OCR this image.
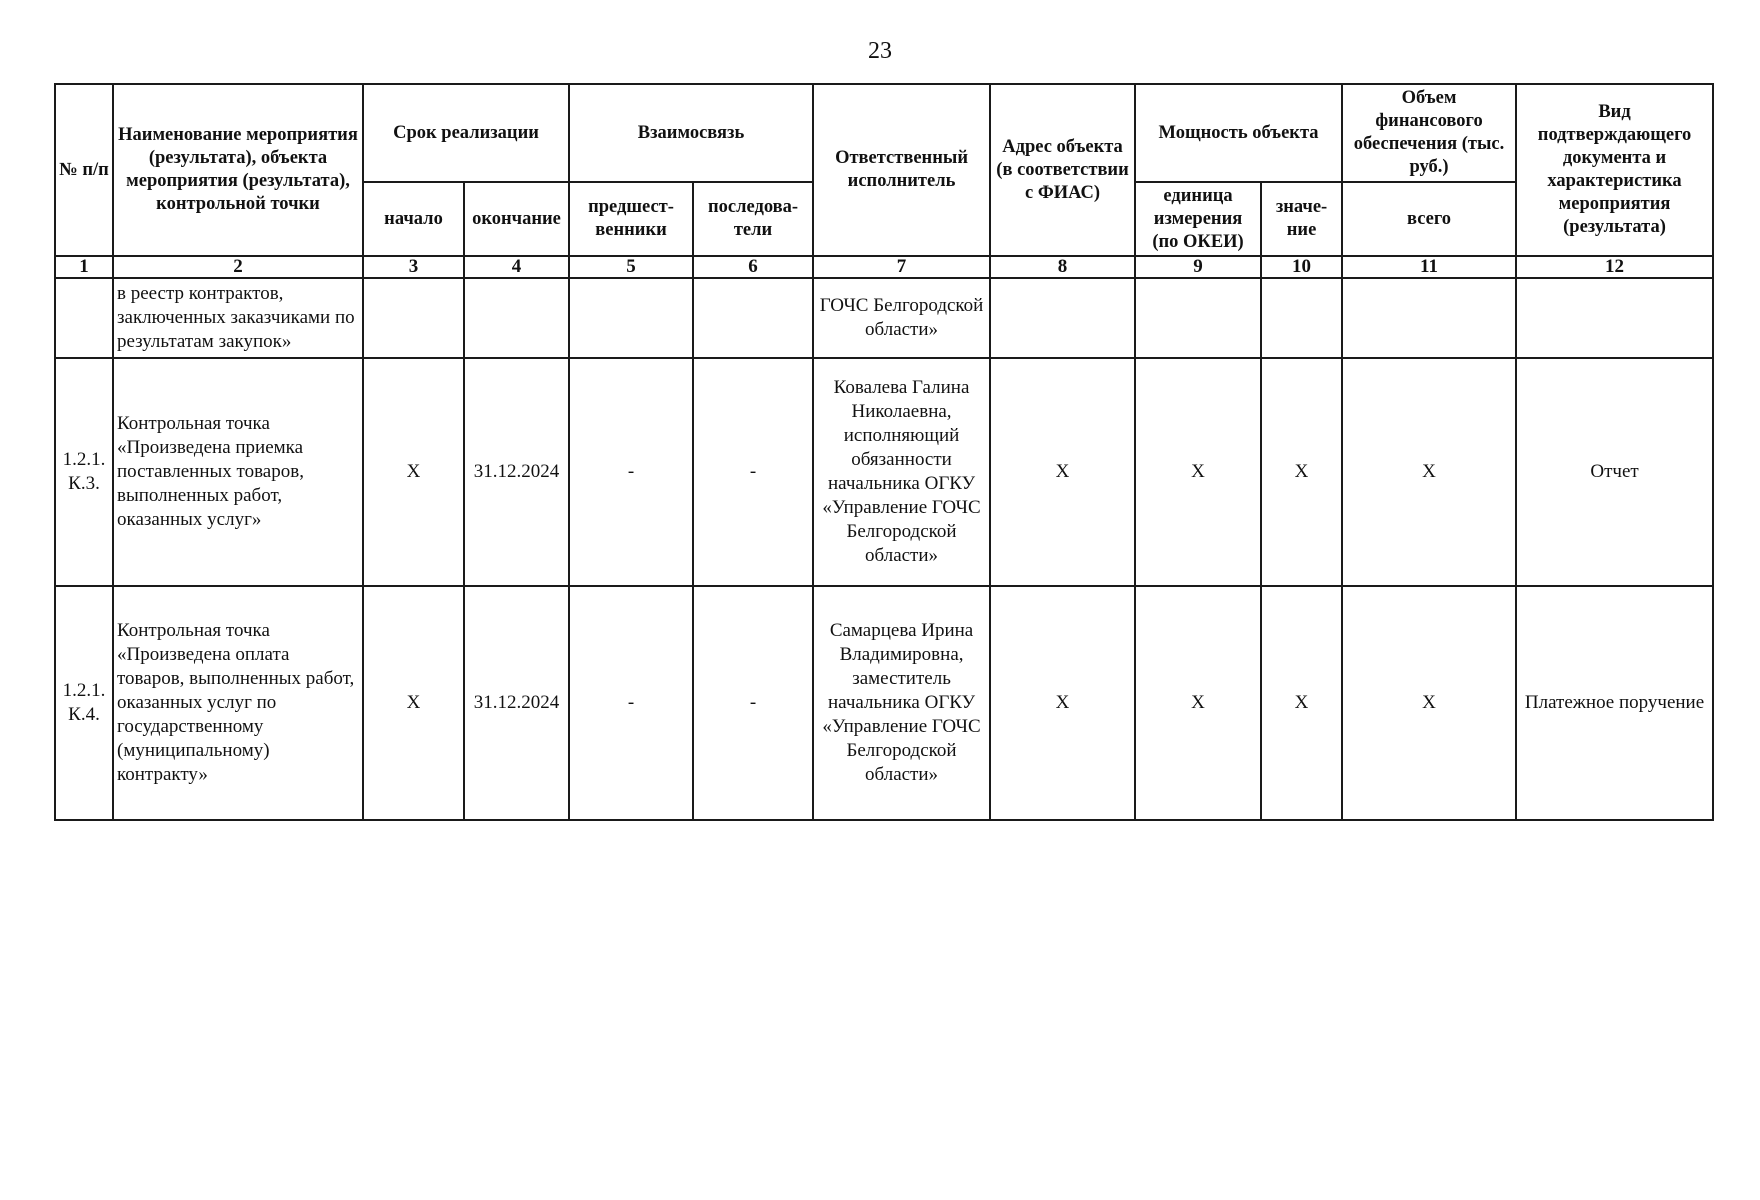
23
№ п/п	Наименование мероприятия (результата), объекта мероприятия (результата), контрольной точки	Срок реализации		Взаимосвязь		Ответственный исполнитель	Адрес объекта (в соответствии с ФИАС)	Мощность объекта		Объем финансового обеспечения (тыс. руб.)	Вид подтверждающего документа и характеристика мероприятия (результата)
		начало	окончание	предшест-венники	последова-тели			единица измерения (по ОКЕИ)	значе-ние	всего	
1	2	3	4	5	6	7	8	9	10	11	12
	в реестр контрактов, заключенных заказчиками по результатам закупок»					ГОЧС Белгородской области»					
1.2.1. К.3.	Контрольная точка «Произведена приемка поставленных товаров, выполненных работ, оказанных услуг»	Х	31.12.2024	-	-	Ковалева Галина Николаевна, исполняющий обязанности начальника ОГКУ «Управление ГОЧС Белгородской области»	Х	Х	Х	Х	Отчет
1.2.1. К.4.	Контрольная точка «Произведена оплата товаров, выполненных работ, оказанных услуг по государственному (муниципальному) контракту»	Х	31.12.2024	-	-	Самарцева Ирина Владимировна, заместитель начальника ОГКУ «Управление ГОЧС Белгородской области»	Х	Х	Х	Х	Платежное поручение
